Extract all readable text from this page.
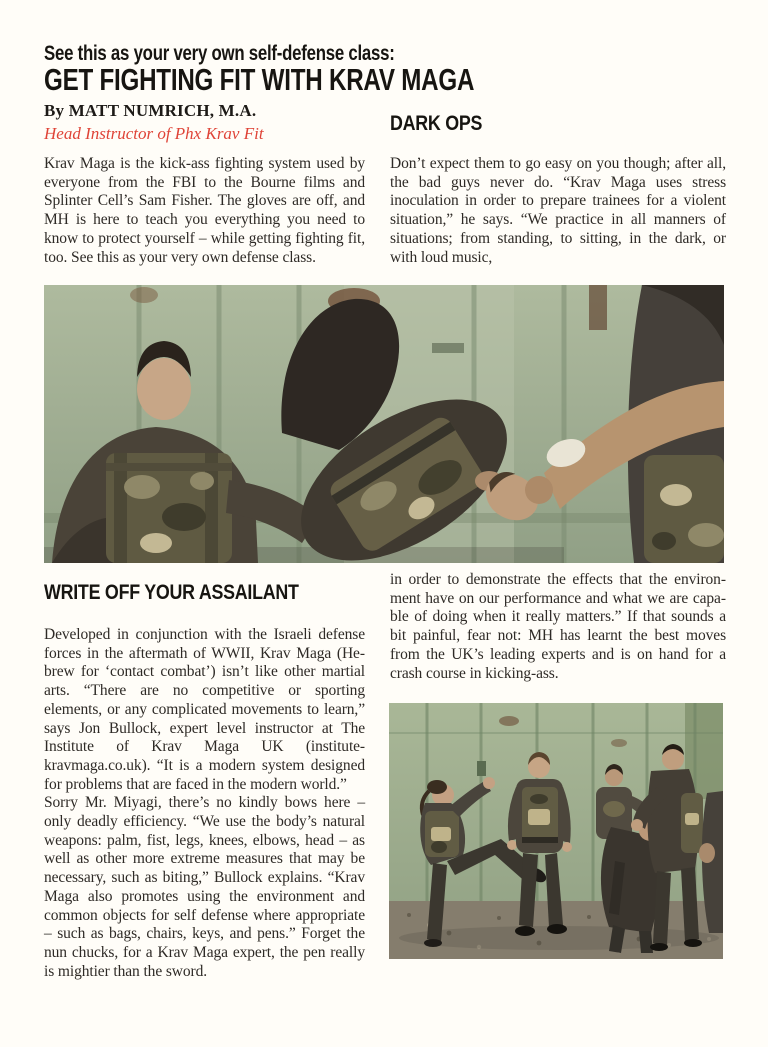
See this as your very own self-defense class:
GET FIGHTING FIT WITH KRAV MAGA
By MATT NUMRICH, M.A.
Head Instructor of Phx Krav Fit	DARK OPS

Krav Maga is the kick-ass fighting system used by everyone from the FBI to the Bourne films and Splinter Cell’s Sam Fisher. The gloves are off, and MH is here to teach you everything you need to know to protect yourself – while getting fighting fit, too. See this as your very own defense class.

Don’t expect them to go easy on you though; after all, the bad guys never do. “Krav Maga uses stress inoculation in order to prepare trainees for a violent situation,” he says. “We practice in all manners of situations; from standing, to sitting, in the dark, or with loud music,

in order to demonstrate the effects that the environment have on our performance and what we are capable of doing when it really matters.” If that sounds a bit painful, fear not: MH has learnt the best moves from the UK’s leading experts and is on hand for a crash course in kicking-ass.

WRITE OFF YOUR ASSAILANT

Developed in conjunction with the Israeli defense forces in the aftermath of WWII, Krav Maga (Hebrew for ‘contact combat’) isn’t like other martial arts. “There are no competitive or sporting elements, or any complicated movements to learn,” says Jon Bullock, expert level instructor at The Institute of Krav Maga UK (institute-kravmaga.co.uk). “It is a modern system designed for problems that are faced in the modern world.”

Sorry Mr. Miyagi, there’s no kindly bows here – only deadly efficiency. “We use the body’s natural weapons: palm, fist, legs, knees, elbows, head – as well as other more extreme measures that may be necessary, such as biting,” Bullock explains. “Krav Maga also promotes using the environment and common objects for self defense where appropriate – such as bags, chairs, keys, and pens.” Forget the nun chucks, for a Krav Maga expert, the pen really is mightier than the sword.
